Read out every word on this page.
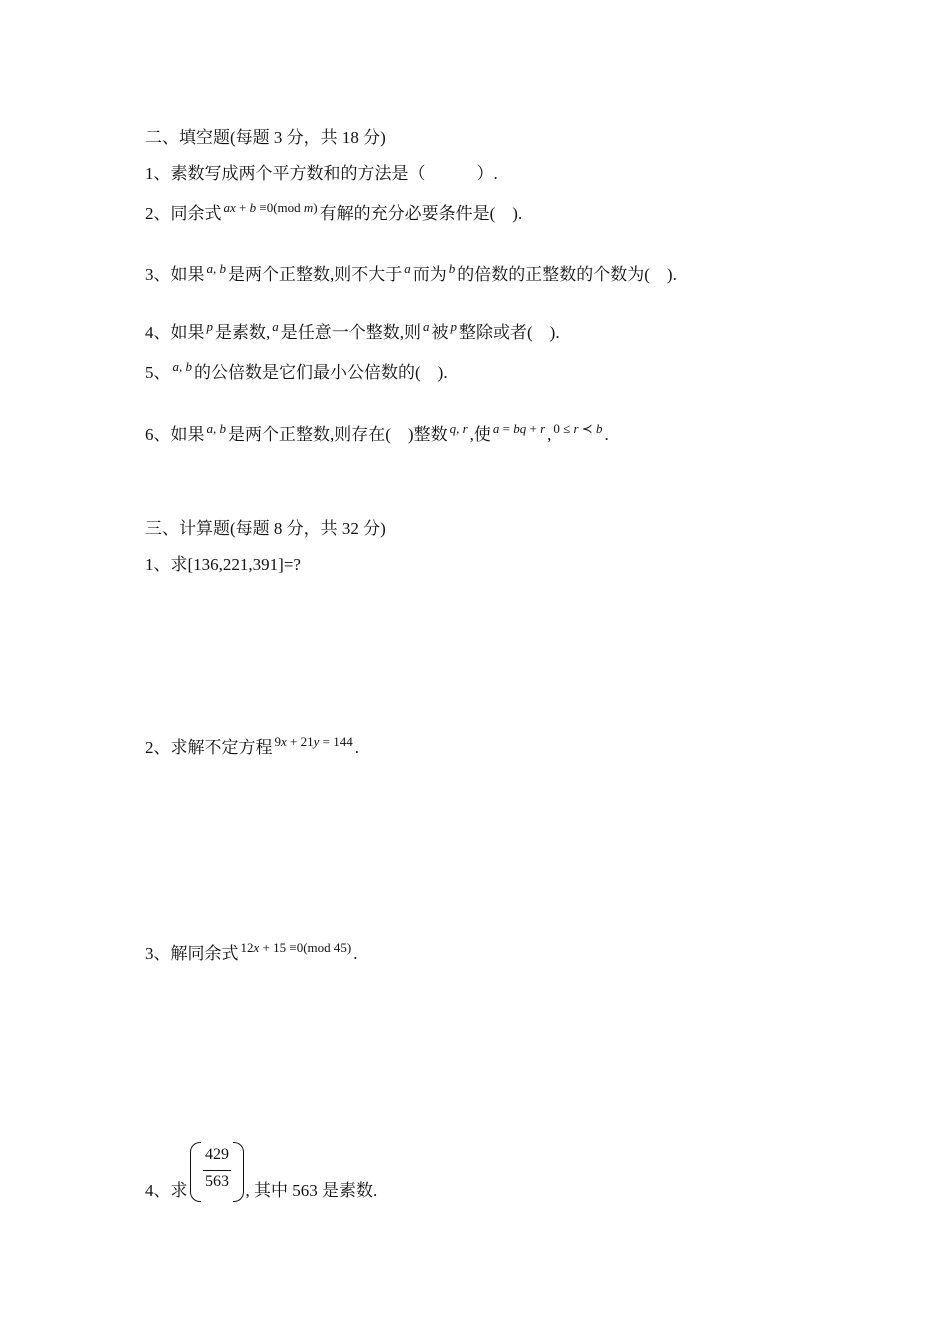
二、填空题(每题 3 分，共 18 分)
1、素数写成两个平方数和的方法是（　　　）.
2、同余式 $^{ax + b \equiv 0(mod m)}$ 有解的充分必要条件是(　).
3、如果 $^{a, b}$ 是两个正整数,则不大于 $^a$ 而为 $^b$ 的倍数的正整数的个数为(　).
4、如果 $^p$ 是素数, $^a$ 是任意一个整数,则 $^a$ 被 $^p$ 整除或者(　).
5、 $^{a, b}$ 的公倍数是它们最小公倍数的(　).
6、如果 $^{a, b}$ 是两个正整数,则存在(　)整数 $^{q, r}$ ,使 $^{a = bq + r}$ , $^{0 \le r ≺ b}$ .
三、计算题(每题 8 分，共 32 分)
1、求[136,221,391]=?
2、求解不定方程 $^{9x + 21y = 144}$ .
3、解同余式 $^{12x + 15 \equiv 0(mod 45)}$ .
4、求	, 其中 563 是素数.
429
563
